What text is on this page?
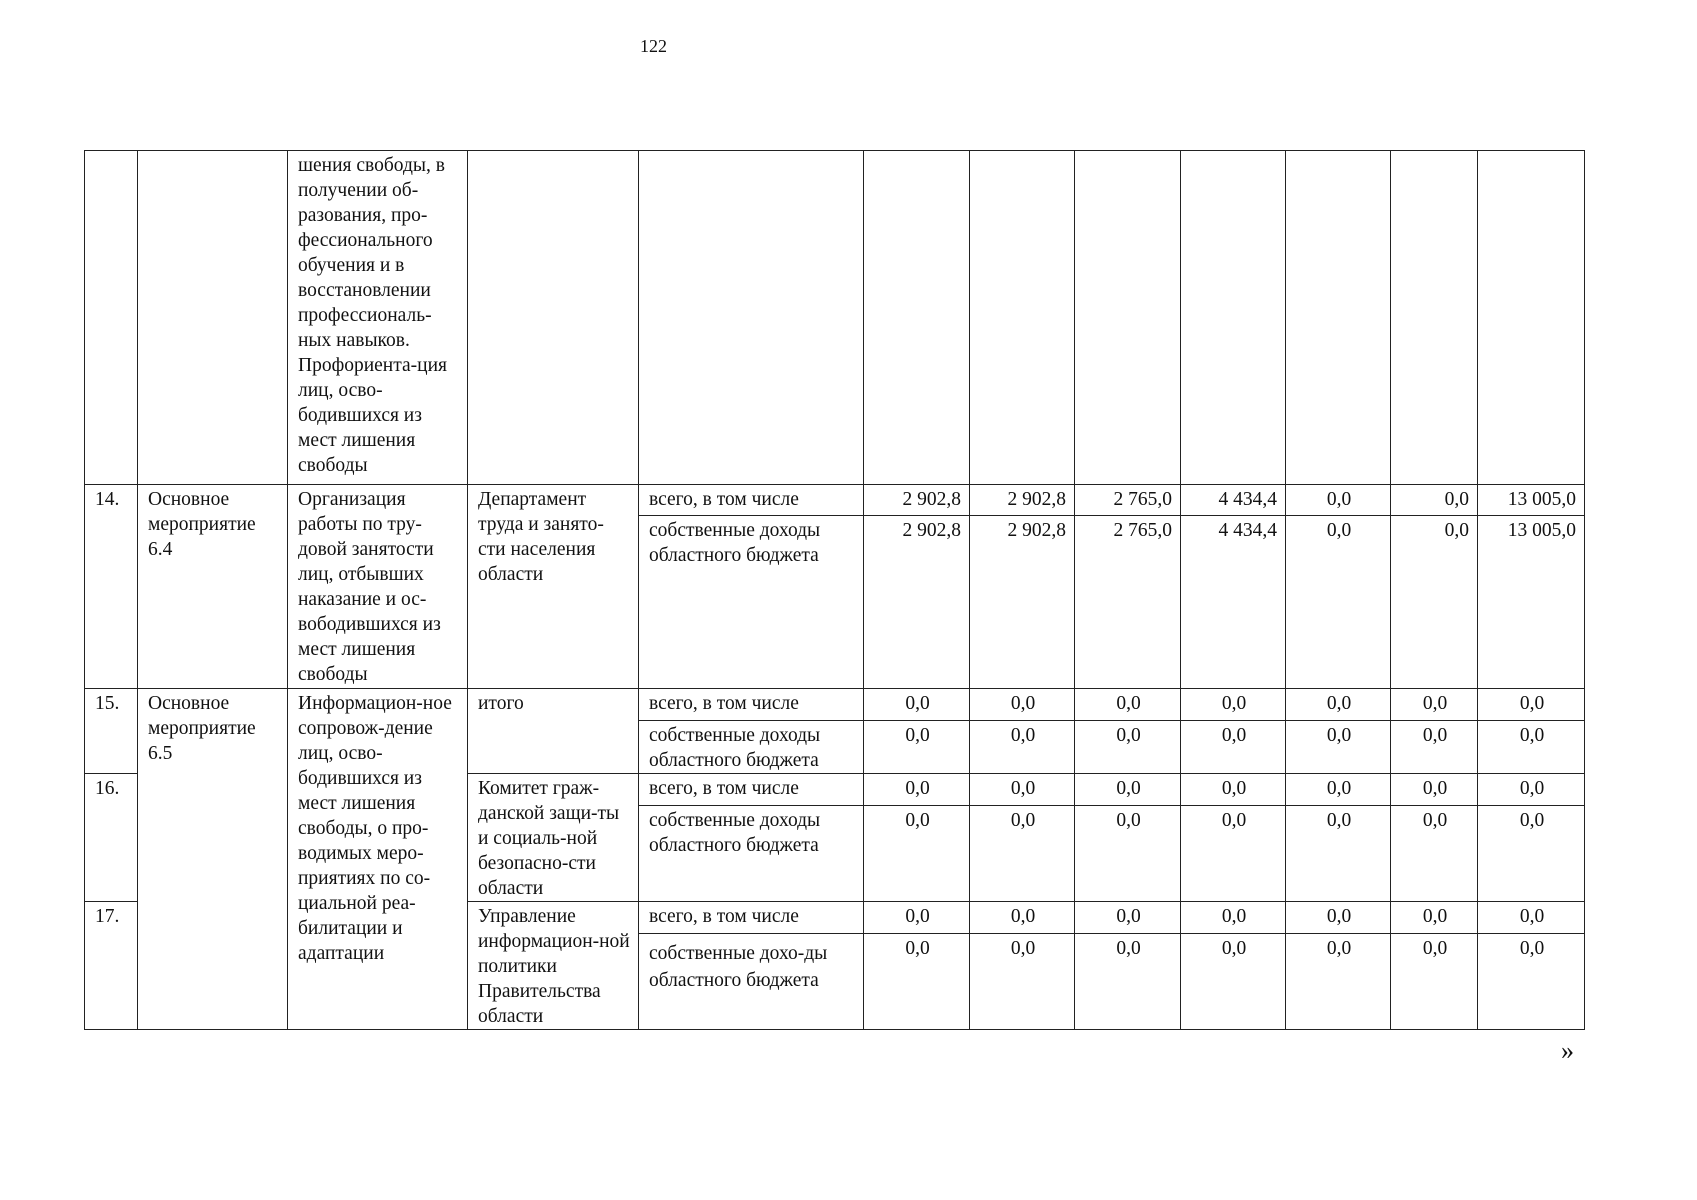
122
		шения свободы, в получении об-разования, про-фессионального обучения и в восстановлении профессиональ-ных навыков. Профориента-ция лиц, осво-бодившихся из мест лишения свободы									
14.	Основное мероприятие 6.4	Организация работы по тру-довой занятости лиц, отбывших наказание и ос-вободившихся из мест лишения свободы	Департамент труда и занято-сти населения области	всего, в том числе	2 902,8	2 902,8	2 765,0	4 434,4	0,0	0,0	13 005,0
				собственные доходы областного бюджета	2 902,8	2 902,8	2 765,0	4 434,4	0,0	0,0	13 005,0
15.	Основное мероприятие 6.5	Информацион-ное сопровож-дение лиц, осво-бодившихся из мест лишения свободы, о про-водимых меро-приятиях по со-циальной реа-билитации и адаптации	итого	всего, в том числе	0,0	0,0	0,0	0,0	0,0	0,0	0,0
				собственные доходы областного бюджета	0,0	0,0	0,0	0,0	0,0	0,0	0,0
16.			Комитет граж-данской защи-ты и социаль-ной безопасно-сти области	всего, в том числе	0,0	0,0	0,0	0,0	0,0	0,0	0,0
				собственные доходы областного бюджета	0,0	0,0	0,0	0,0	0,0	0,0	0,0
17.			Управление информацион-ной политики Правительства области	всего, в том числе	0,0	0,0	0,0	0,0	0,0	0,0	0,0
				собственные дохо-ды областного бюджета	0,0	0,0	0,0	0,0	0,0	0,0	0,0
»
